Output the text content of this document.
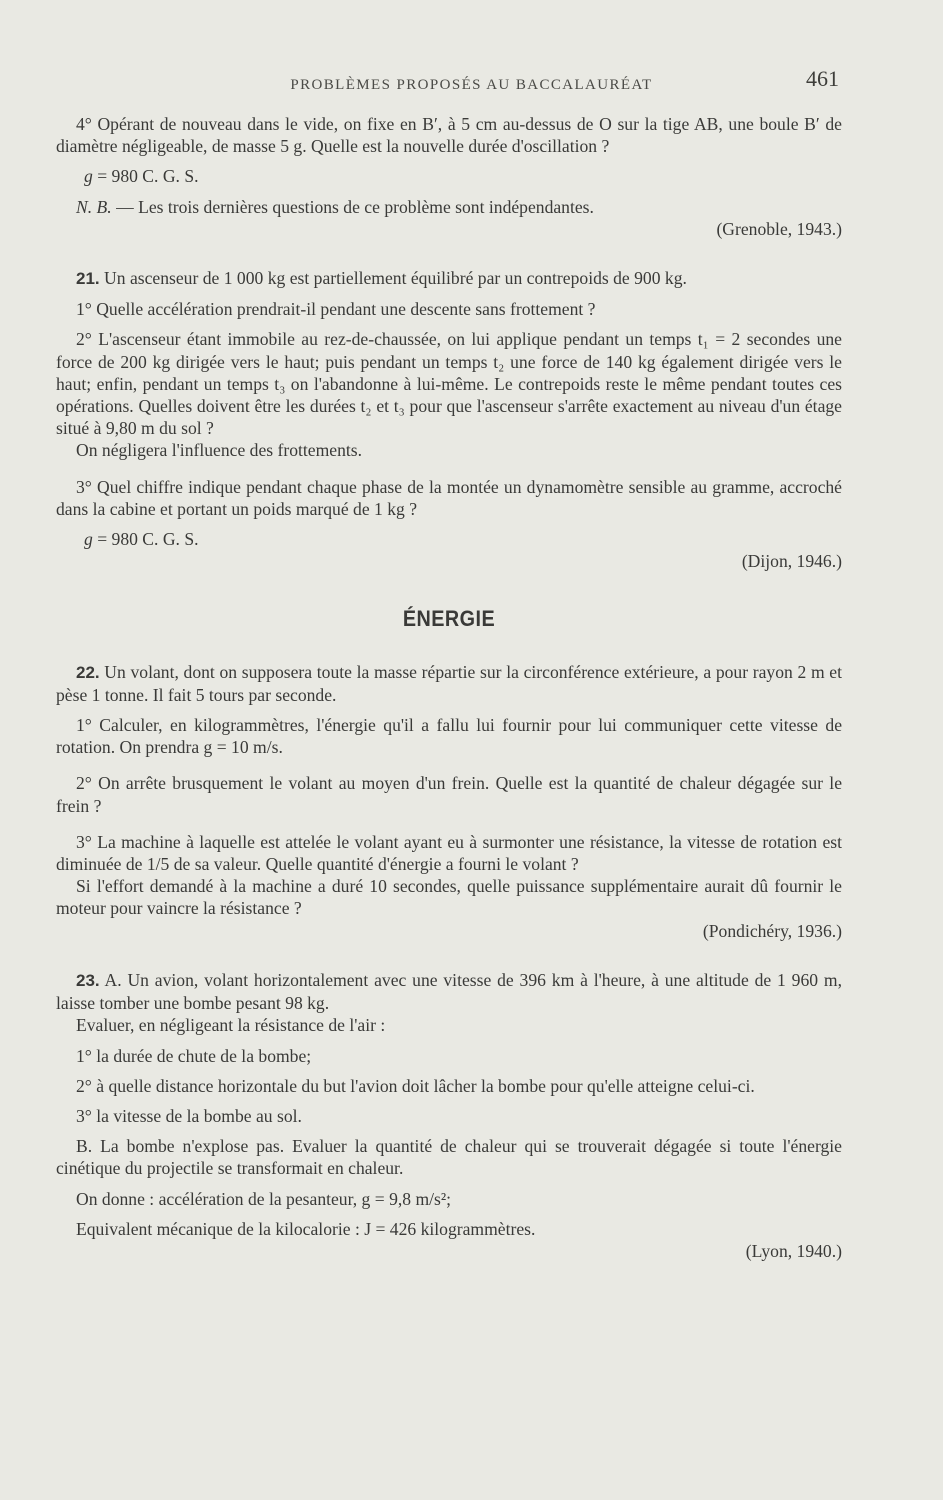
PROBLÈMES PROPOSÉS AU BACCALAURÉAT	461

4° Opérant de nouveau dans le vide, on fixe en B′, à 5 cm au-dessus de O sur la tige AB, une boule B′ de diamètre négligeable, de masse 5 g. Quelle est la nouvelle durée d'oscillation ?

g = 980 C. G. S.

N. B. — Les trois dernières questions de ce problème sont indépendantes.

(Grenoble, 1943.)

21. Un ascenseur de 1 000 kg est partiellement équilibré par un contrepoids de 900 kg.

1° Quelle accélération prendrait-il pendant une descente sans frottement ?

2° L'ascenseur étant immobile au rez-de-chaussée, on lui applique pendant un temps t₁ = 2 secondes une force de 200 kg dirigée vers le haut; puis pendant un temps t₂ une force de 140 kg également dirigée vers le haut; enfin, pendant un temps t₃ on l'abandonne à lui-même. Le contrepoids reste le même pendant toutes ces opérations. Quelles doivent être les durées t₂ et t₃ pour que l'ascenseur s'arrête exactement au niveau d'un étage situé à 9,80 m du sol ?

On négligera l'influence des frottements.

3° Quel chiffre indique pendant chaque phase de la montée un dynamomètre sensible au gramme, accroché dans la cabine et portant un poids marqué de 1 kg ?

g = 980 C. G. S.

(Dijon, 1946.)

ÉNERGIE

22. Un volant, dont on supposera toute la masse répartie sur la circonférence extérieure, a pour rayon 2 m et pèse 1 tonne. Il fait 5 tours par seconde.

1° Calculer, en kilogrammètres, l'énergie qu'il a fallu lui fournir pour lui communiquer cette vitesse de rotation. On prendra g = 10 m/s.

2° On arrête brusquement le volant au moyen d'un frein. Quelle est la quantité de chaleur dégagée sur le frein ?

3° La machine à laquelle est attelée le volant ayant eu à surmonter une résistance, la vitesse de rotation est diminuée de 1/5 de sa valeur. Quelle quantité d'énergie a fourni le volant ?

Si l'effort demandé à la machine a duré 10 secondes, quelle puissance supplémentaire aurait dû fournir le moteur pour vaincre la résistance ?

(Pondichéry, 1936.)

23. A. Un avion, volant horizontalement avec une vitesse de 396 km à l'heure, à une altitude de 1 960 m, laisse tomber une bombe pesant 98 kg.

Evaluer, en négligeant la résistance de l'air :

1° la durée de chute de la bombe;

2° à quelle distance horizontale du but l'avion doit lâcher la bombe pour qu'elle atteigne celui-ci.

3° la vitesse de la bombe au sol.

B. La bombe n'explose pas. Evaluer la quantité de chaleur qui se trouverait dégagée si toute l'énergie cinétique du projectile se transformait en chaleur.

On donne : accélération de la pesanteur, g = 9,8 m/s²;

Equivalent mécanique de la kilocalorie : J = 426 kilogrammètres.

(Lyon, 1940.)
